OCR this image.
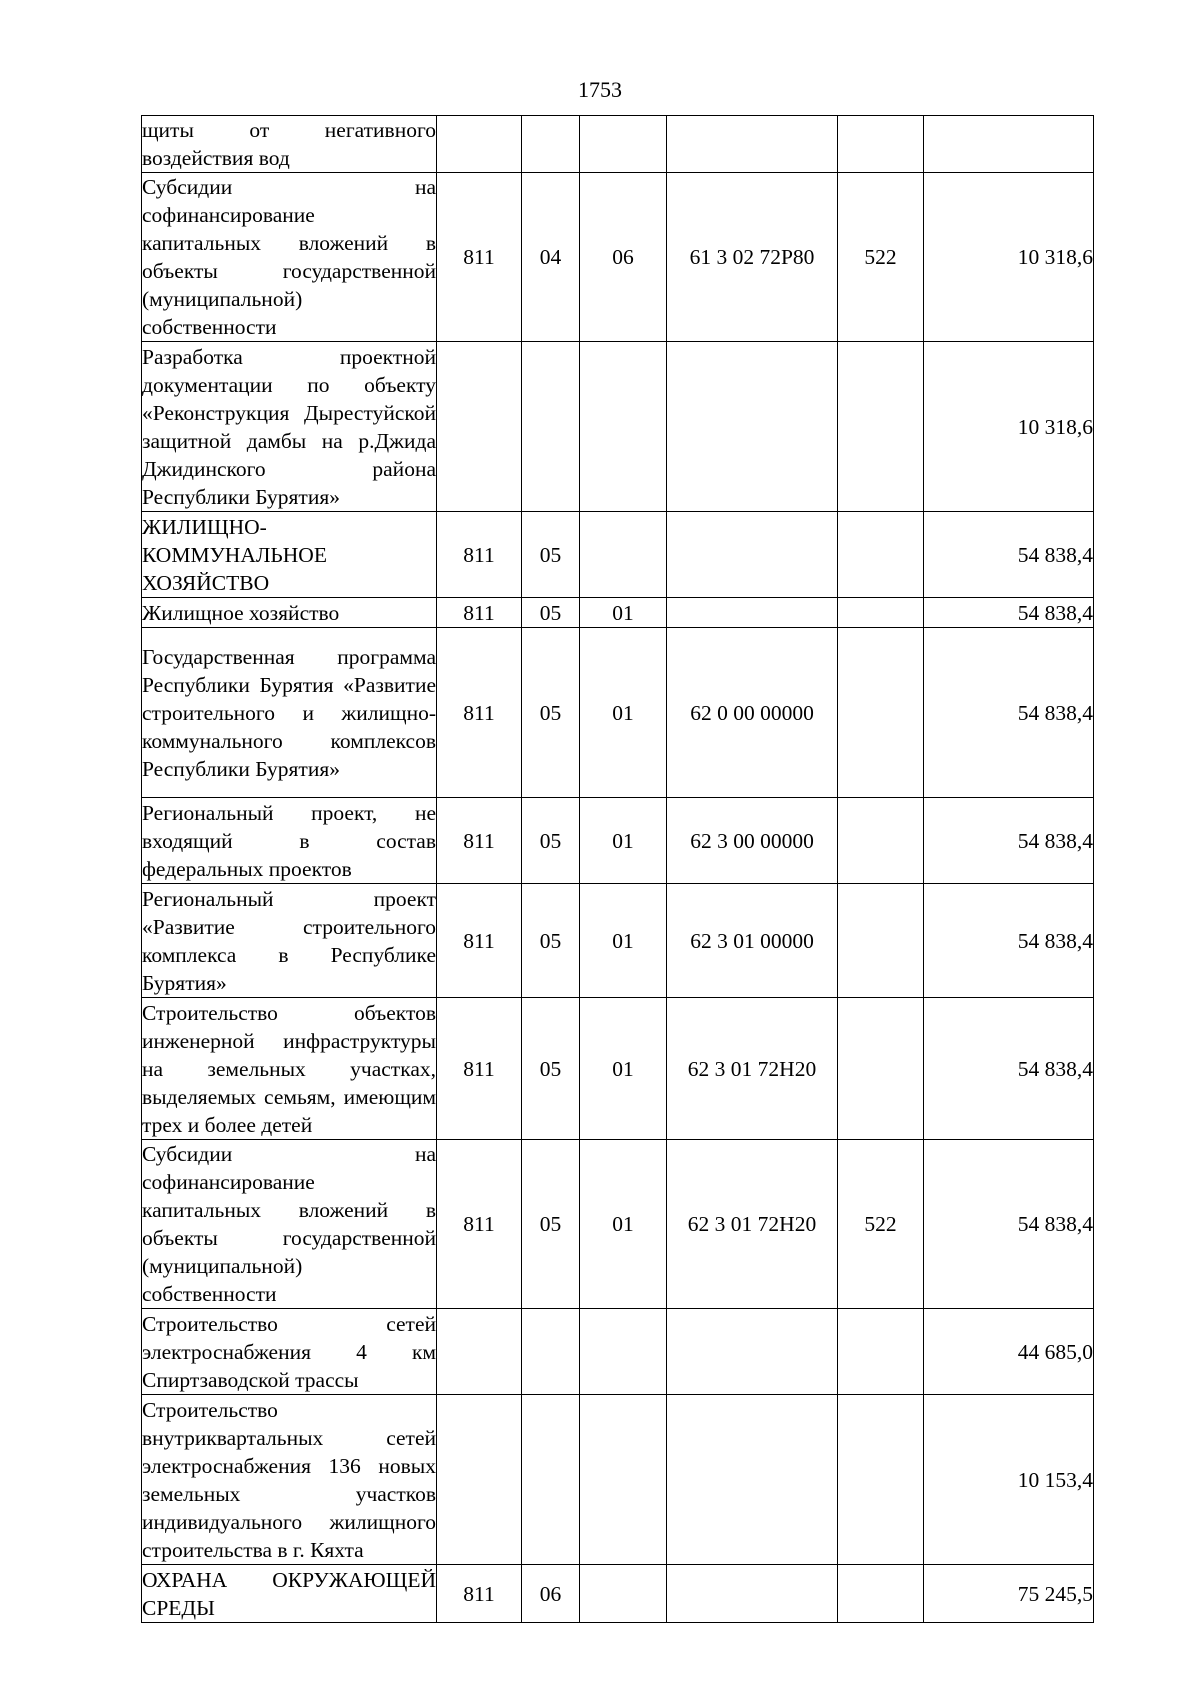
1753
щиты от негативного воздействия вод						
Субсидии на софинансирование капитальных вложений в объекты государственной (муниципальной) собственности	811	04	06	61 3 02 72Р80	522	10 318,6
Разработка проектной документации по объекту «Реконструкция Дырестуйской защитной дамбы на р.Джида Джидинского района Республики Бурятия»						10 318,6
ЖИЛИЩНО-КОММУНАЛЬНОЕ ХОЗЯЙСТВО	811	05				54 838,4
Жилищное хозяйство	811	05	01			54 838,4
Государственная программа Республики Бурятия «Развитие строительного и жилищно-коммунального комплексов Республики Бурятия»	811	05	01	62 0 00 00000		54 838,4
Региональный проект, не входящий в состав федеральных проектов	811	05	01	62 3 00 00000		54 838,4
Региональный проект «Развитие строительного комплекса в Республике Бурятия»	811	05	01	62 3 01 00000		54 838,4
Строительство объектов инженерной инфраструктуры на земельных участках, выделяемых семьям, имеющим трех и более детей	811	05	01	62 3 01 72Н20		54 838,4
Субсидии на софинансирование капитальных вложений в объекты государственной (муниципальной) собственности	811	05	01	62 3 01 72Н20	522	54 838,4
Строительство сетей электроснабжения 4 км Спиртзаводской трассы						44 685,0
Строительство внутриквартальных сетей электроснабжения 136 новых земельных участков индивидуального жилищного строительства в г. Кяхта						10 153,4
ОХРАНА ОКРУЖАЮЩЕЙ СРЕДЫ	811	06				75 245,5
